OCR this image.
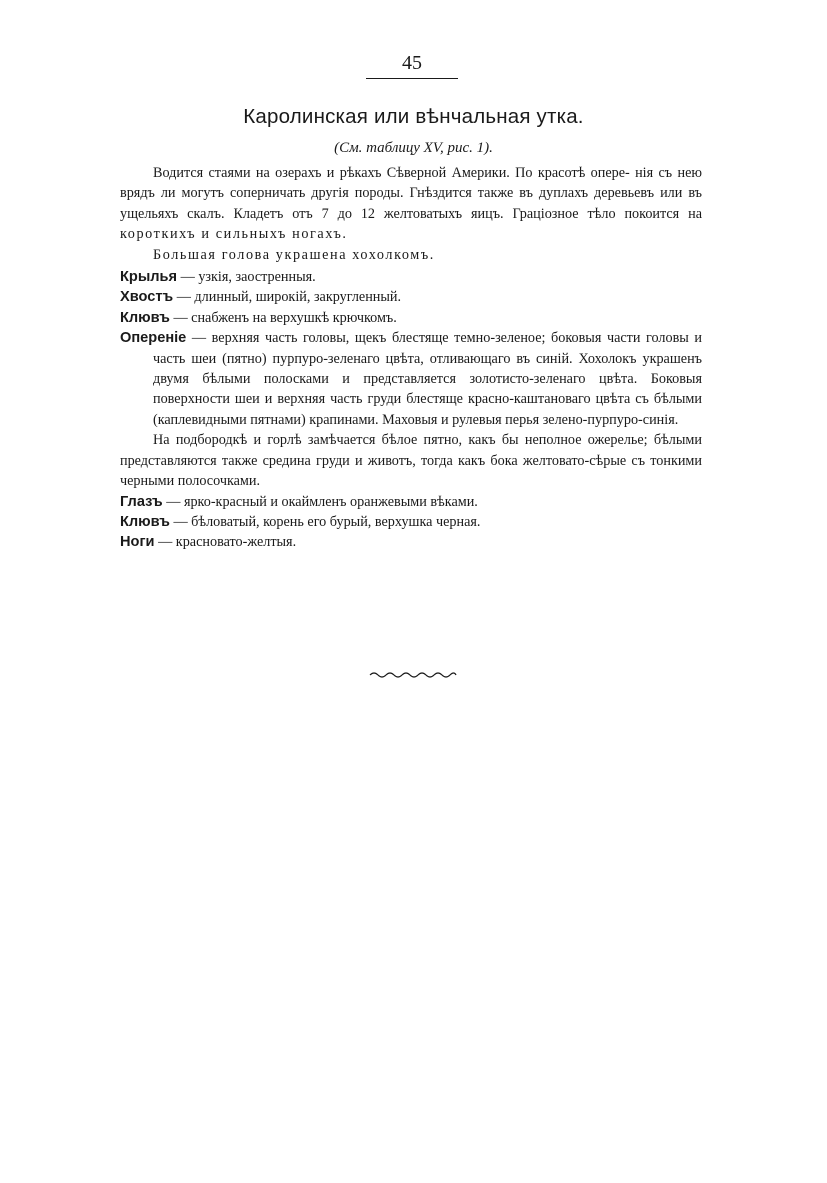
45
Каролинская или вѣнчальная утка.
(См. таблицу XV, рис. 1).

Водится стаями на озерахъ и рѣкахъ Сѣверной Америки. По красотѣ опере- нія съ нею врядъ ли могутъ соперничать другія породы. Гнѣздится также въ дуплахъ деревьевъ или въ ущельяхъ скалъ. Кладетъ отъ 7 до 12 желтоватыхъ яицъ. Граціозное тѣло покоится на короткихъ и сильныхъ ногахъ.

Большая голова украшена хохолкомъ.

Крылья — узкія, заостренныя.

Хвостъ — длинный, широкій, закругленный.

Клювъ — снабженъ на верхушкѣ крючкомъ.

Опереніе — верхняя часть головы, щекъ блестяще темно-зеленое; боковыя части головы и часть шеи (пятно) пурпуро-зеленаго цвѣта, отливающаго въ синій. Хохолокъ украшенъ двумя бѣлыми полосками и представляется золотисто-зеленаго цвѣта. Боковыя поверхности шеи и верхняя часть груди блестяще красно-каштановаго цвѣта съ бѣлыми (каплевидными пятнами) крапинами. Маховыя и рулевыя перья зелено-пурпуро-синія.

На подбородкѣ и горлѣ замѣчается бѣлое пятно, какъ бы неполное ожерелье; бѣлыми представляются также средина груди и животъ, тогда какъ бока желтовато-сѣрые съ тонкими черными полосочками.

Глазъ — ярко-красный и окаймленъ оранжевыми вѣками.

Клювъ — бѣловатый, корень его бурый, верхушка черная.

Ноги — красновато-желтыя.
